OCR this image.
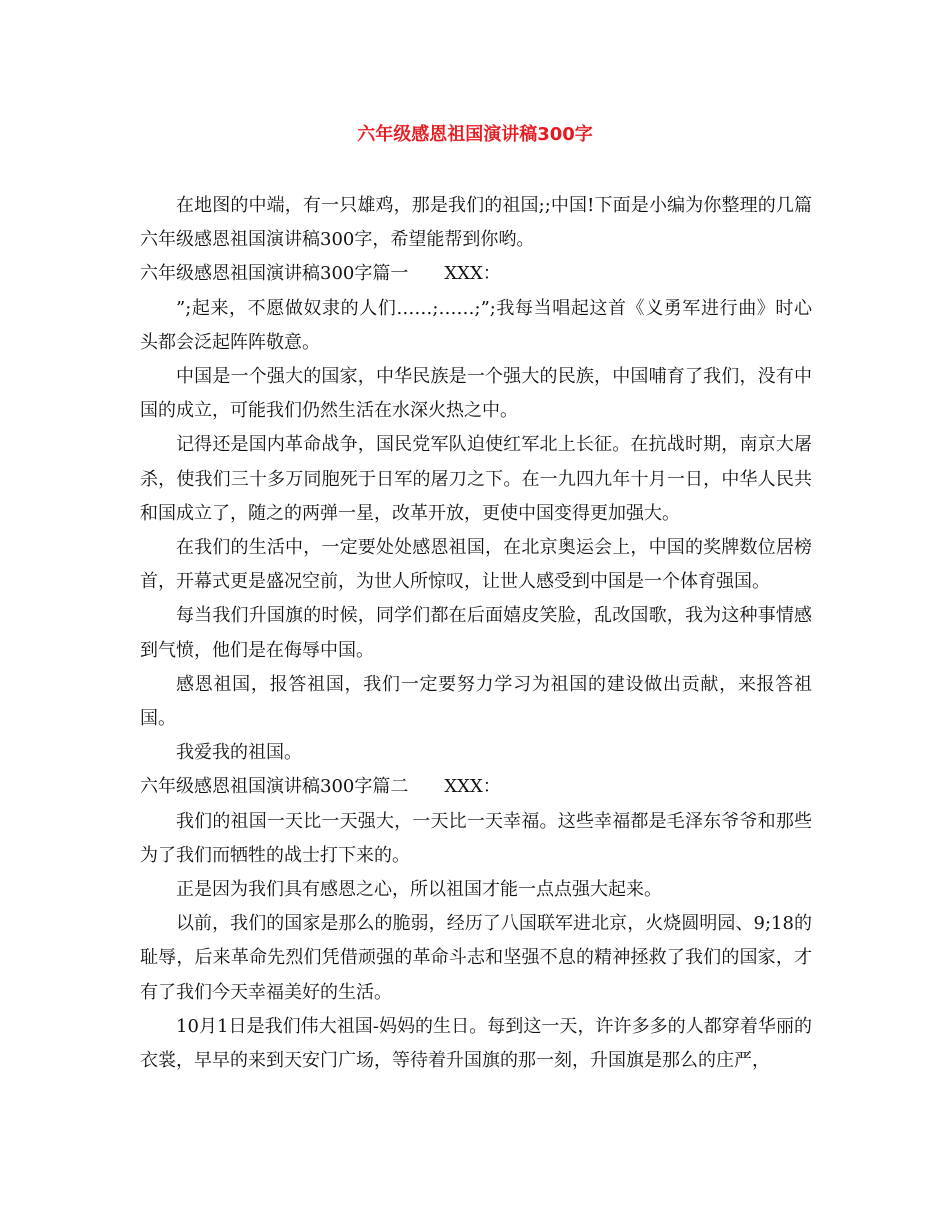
六年级感恩祖国演讲稿300字

在地图的中端，有一只雄鸡，那是我们的祖国;;中国!下面是小编为你整理的几篇六年级感恩祖国演讲稿300字，希望能帮到你哟。

六年级感恩祖国演讲稿300字篇一 XXX：

”;起来，不愿做奴隶的人们……;……;”;我每当唱起这首《义勇军进行曲》时心头都会泛起阵阵敬意。

中国是一个强大的国家，中华民族是一个强大的民族，中国哺育了我们，没有中国的成立，可能我们仍然生活在水深火热之中。

记得还是国内革命战争，国民党军队迫使红军北上长征。在抗战时期，南京大屠杀，使我们三十多万同胞死于日军的屠刀之下。在一九四九年十月一日，中华人民共和国成立了，随之的两弹一星，改革开放，更使中国变得更加强大。

在我们的生活中，一定要处处感恩祖国，在北京奥运会上，中国的奖牌数位居榜首，开幕式更是盛况空前，为世人所惊叹，让世人感受到中国是一个体育强国。

每当我们升国旗的时候，同学们都在后面嬉皮笑脸，乱改国歌，我为这种事情感到气愤，他们是在侮辱中国。

感恩祖国，报答祖国，我们一定要努力学习为祖国的建设做出贡献，来报答祖国。

我爱我的祖国。

六年级感恩祖国演讲稿300字篇二 XXX：

我们的祖国一天比一天强大，一天比一天幸福。这些幸福都是毛泽东爷爷和那些为了我们而牺牲的战士打下来的。

正是因为我们具有感恩之心，所以祖国才能一点点强大起来。

以前，我们的国家是那么的脆弱，经历了八国联军进北京，火烧圆明园、9;18的耻辱，后来革命先烈们凭借顽强的革命斗志和坚强不息的精神拯救了我们的国家，才有了我们今天幸福美好的生活。

10月1日是我们伟大祖国-妈妈的生日。每到这一天，许许多多的人都穿着华丽的衣裳，早早的来到天安门广场，等待着升国旗的那一刻，升国旗是那么的庄严，
